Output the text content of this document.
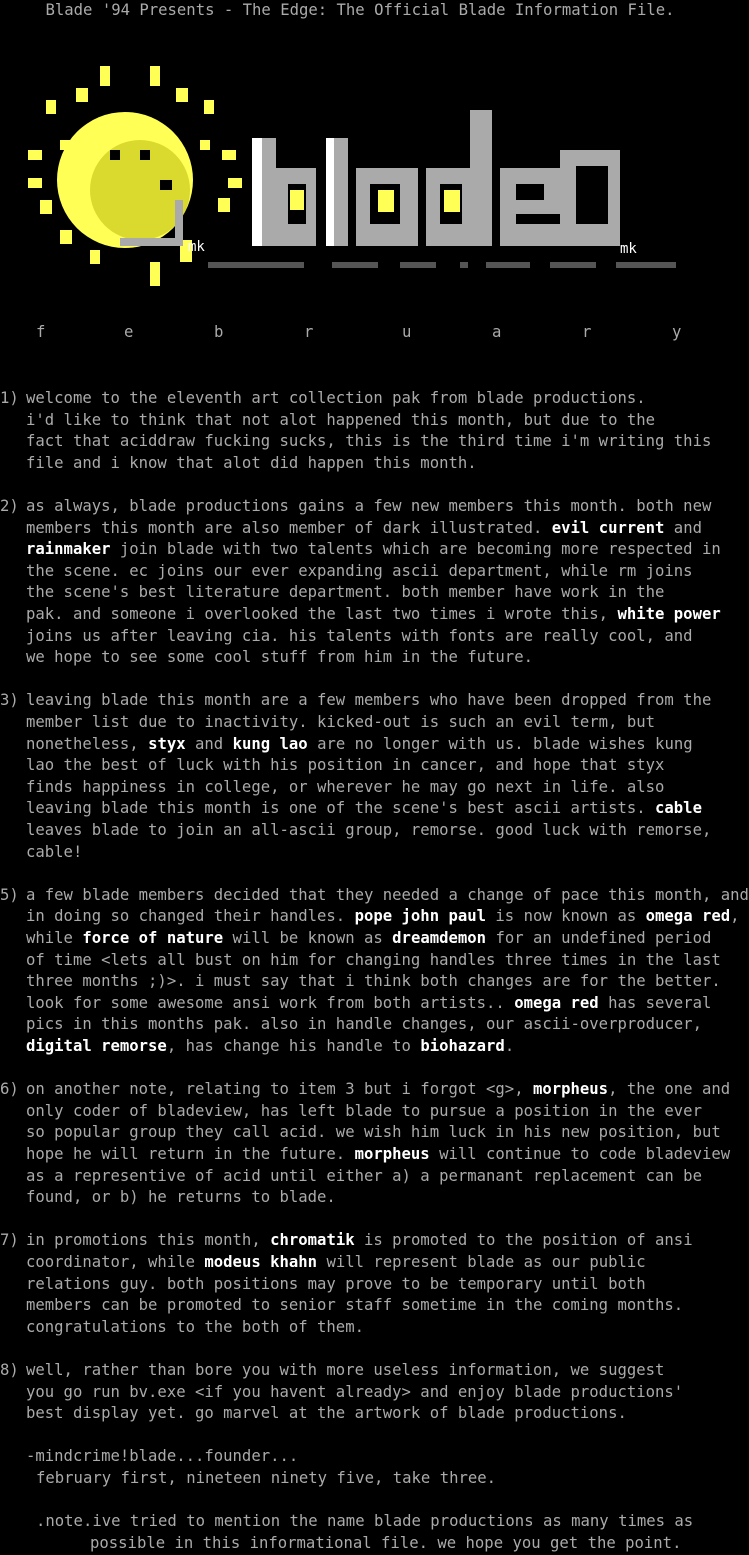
Blade '94 Presents - The Edge: The Official Blade Information File.
mk	mk
f	e	b	r	u	a	r	y
1) welcome to the eleventh art collection pak from blade productions.
i'd like to think that not alot happened this month, but due to the
fact that aciddraw fucking sucks, this is the third time i'm writing this
file and i know that alot did happen this month.
2) as always, blade productions gains a few new members this month. both new
members this month are also member of dark illustrated. evil current and
rainmaker join blade with two talents which are becoming more respected in
the scene. ec joins our ever expanding ascii department, while rm joins
the scene's best literature department. both member have work in the
pak. and someone i overlooked the last two times i wrote this, white power
joins us after leaving cia. his talents with fonts are really cool, and
we hope to see some cool stuff from him in the future.
3) leaving blade this month are a few members who have been dropped from the
member list due to inactivity. kicked-out is such an evil term, but
nonetheless, styx and kung lao are no longer with us. blade wishes kung
lao the best of luck with his position in cancer, and hope that styx
finds happiness in college, or wherever he may go next in life. also
leaving blade this month is one of the scene's best ascii artists. cable
leaves blade to join an all-ascii group, remorse. good luck with remorse,
cable!
5) a few blade members decided that they needed a change of pace this month, and
in doing so changed their handles. pope john paul is now known as omega red,
while force of nature will be known as dreamdemon for an undefined period
of time <lets all bust on him for changing handles three times in the last
three months ;)>. i must say that i think both changes are for the better.
look for some awesome ansi work from both artists.. omega red has several
pics in this months pak. also in handle changes, our ascii-overproducer,
digital remorse, has change his handle to biohazard.
6) on another note, relating to item 3 but i forgot <g>, morpheus, the one and
only coder of bladeview, has left blade to pursue a position in the ever
so popular group they call acid. we wish him luck in his new position, but
hope he will return in the future. morpheus will continue to code bladeview
as a representive of acid until either a) a permanant replacement can be
found, or b) he returns to blade.
7) in promotions this month, chromatik is promoted to the position of ansi
coordinator, while modeus khahn will represent blade as our public
relations guy. both positions may prove to be temporary until both
members can be promoted to senior staff sometime in the coming months.
congratulations to the both of them.
8) well, rather than bore you with more useless information, we suggest
you go run bv.exe <if you havent already> and enjoy blade productions'
best display yet. go marvel at the artwork of blade productions.
-mindcrime!blade...founder...
february first, nineteen ninety five, take three.
.note.ive tried to mention the name blade productions as many times as
possible in this informational file. we hope you get the point.
